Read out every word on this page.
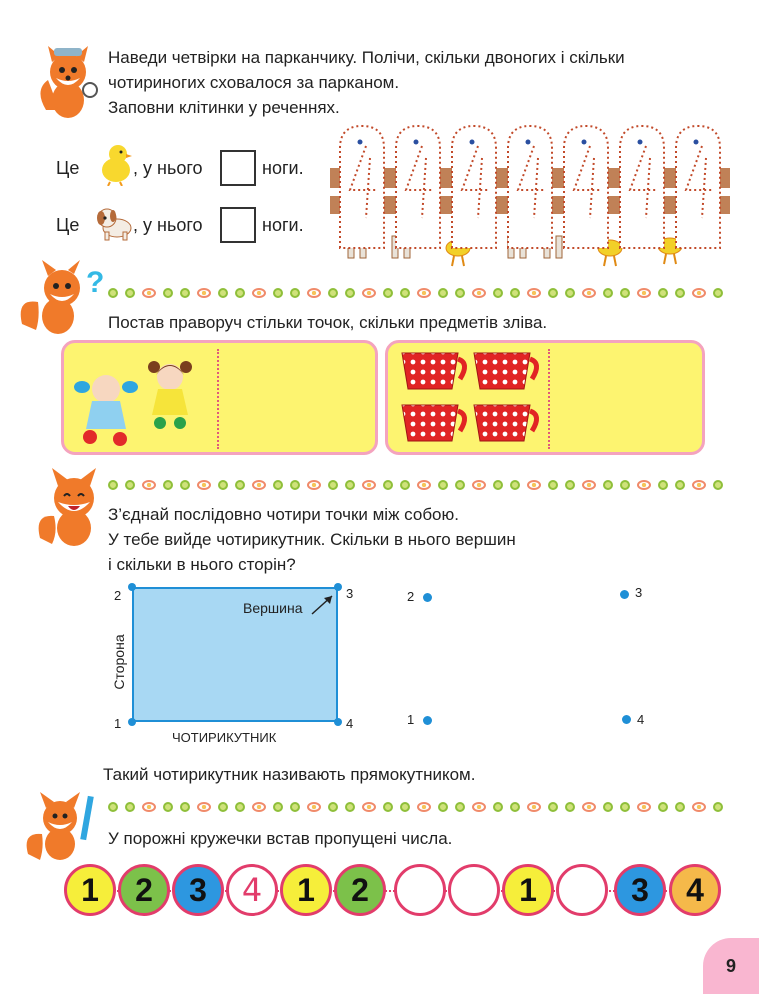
Наведи четвірки на парканчику. Полічи, скільки двоногих і скільки
чотириногих сховалося за парканом.
Заповни клітинки у реченнях.
Це	, у нього	ноги.
Це	, у нього	ноги.
?
Постав праворуч стільки точок, скільки предметів зліва.
З’єднай послідовно чотири точки між собою.
У тебе вийде чотирикутник. Скільки в нього вершин
і скільки в нього сторін?
2	3
1	4
Вершина
Сторона
ЧОТИРИКУТНИК
2	3
1	4
Такий чотирикутник називають прямокутником.
У порожні кружечки встав пропущені числа.
1	2	3	4	1	2	1	3	4
9
